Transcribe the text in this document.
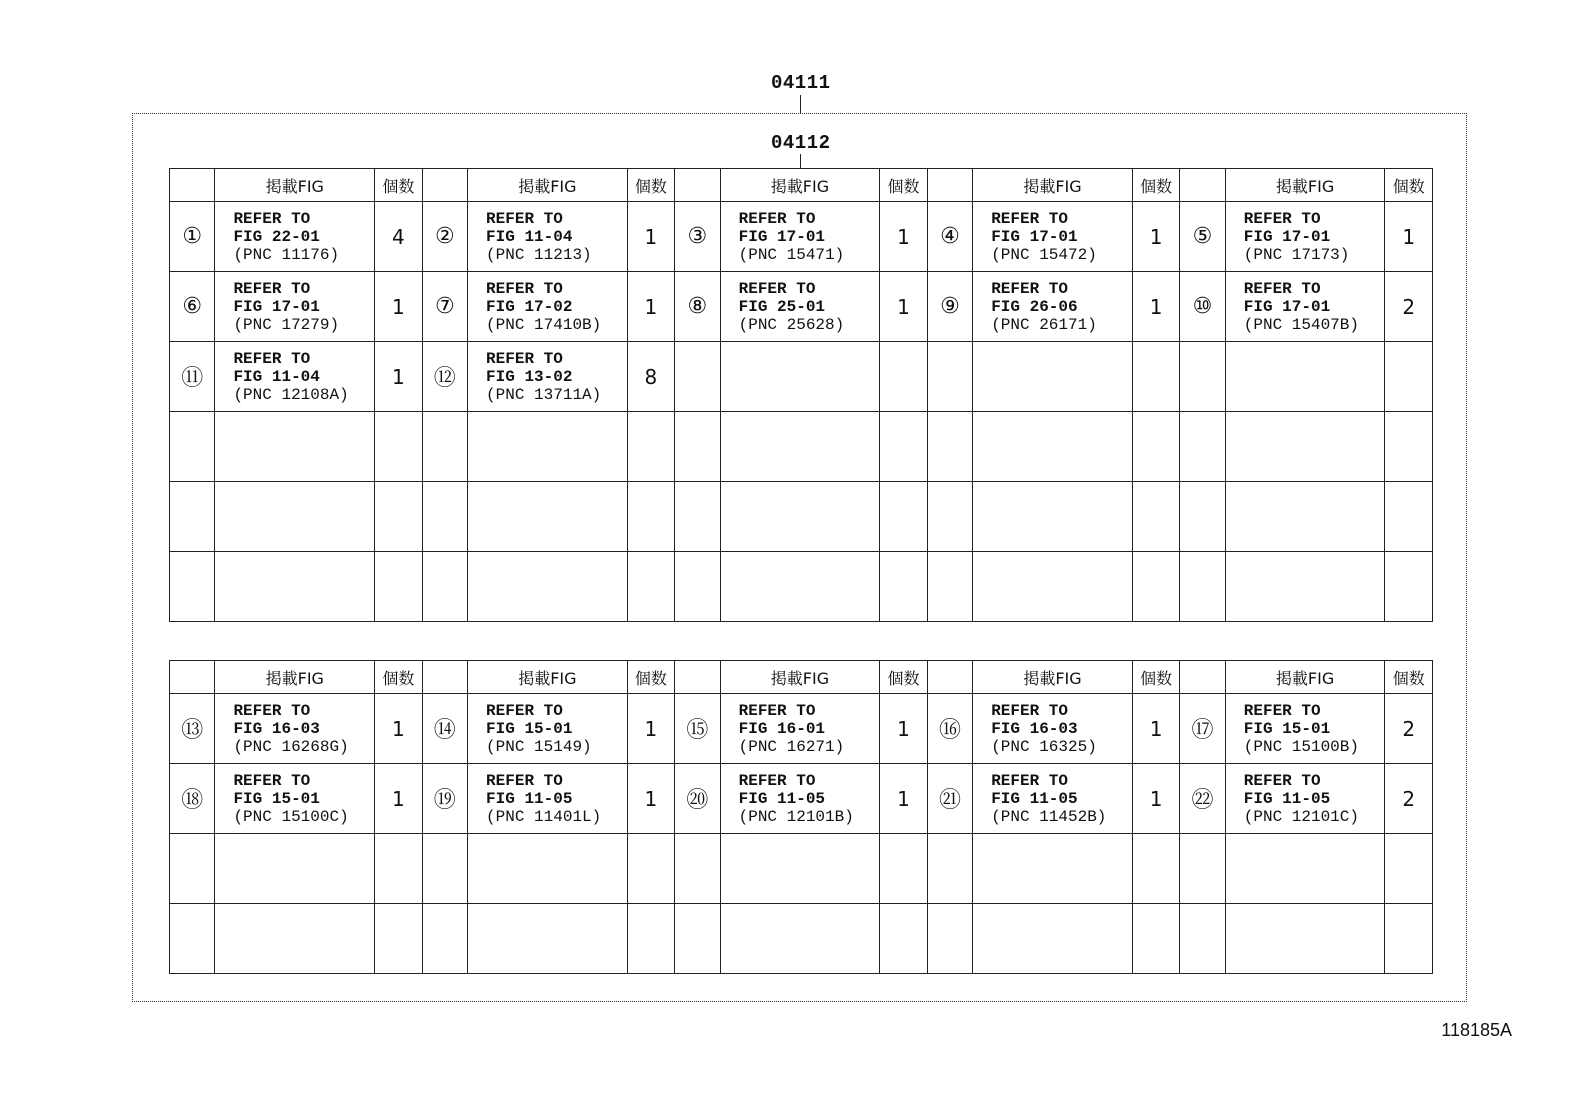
04111
04112
	掲載FIG	個数		掲載FIG	個数		掲載FIG	個数		掲載FIG	個数		掲載FIG	個数
①	REFER TO
FIG 22-01
(PNC 11176)	4	②	REFER TO
FIG 11-04
(PNC 11213)	1	③	REFER TO
FIG 17-01
(PNC 15471)	1	④	REFER TO
FIG 17-01
(PNC 15472)	1	⑤	REFER TO
FIG 17-01
(PNC 17173)	1
⑥	REFER TO
FIG 17-01
(PNC 17279)	1	⑦	REFER TO
FIG 17-02
(PNC 17410B)	1	⑧	REFER TO
FIG 25-01
(PNC 25628)	1	⑨	REFER TO
FIG 26-06
(PNC 26171)	1	⑩	REFER TO
FIG 17-01
(PNC 15407B)	2
⑪	REFER TO
FIG 11-04
(PNC 12108A)	1	⑫	REFER TO
FIG 13-02
(PNC 13711A)	8									

	掲載FIG	個数		掲載FIG	個数		掲載FIG	個数		掲載FIG	個数		掲載FIG	個数
⑬	REFER TO
FIG 16-03
(PNC 16268G)	1	⑭	REFER TO
FIG 15-01
(PNC 15149)	1	⑮	REFER TO
FIG 16-01
(PNC 16271)	1	⑯	REFER TO
FIG 16-03
(PNC 16325)	1	⑰	REFER TO
FIG 15-01
(PNC 15100B)	2
⑱	REFER TO
FIG 15-01
(PNC 15100C)	1	⑲	REFER TO
FIG 11-05
(PNC 11401L)	1	⑳	REFER TO
FIG 11-05
(PNC 12101B)	1	㉑	REFER TO
FIG 11-05
(PNC 11452B)	1	㉒	REFER TO
FIG 11-05
(PNC 12101C)	2

118185A
